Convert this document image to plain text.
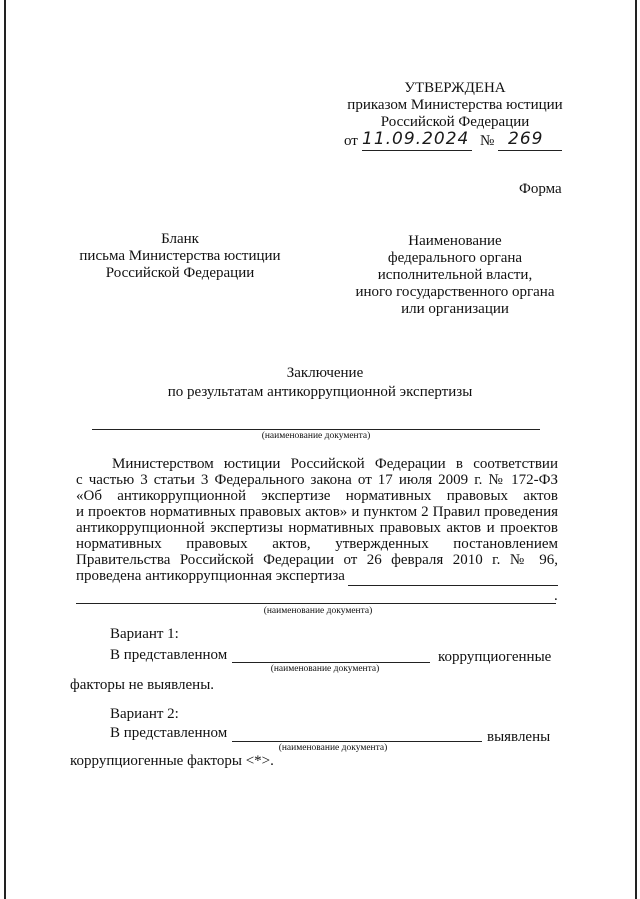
УТВЕРЖДЕНА
приказом Министерства юстиции
Российской Федерации
от 11.09.2024 № 269
Форма
Бланк
письма Министерства юстиции
Российской Федерации
Наименование
федерального органа
исполнительной власти,
иного государственного органа
или организации
Заключение
по результатам антикоррупционной экспертизы
(наименование документа)
Министерством юстиции Российской Федерации в соответствии
с частью 3 статьи 3 Федерального закона от 17 июля 2009 г. № 172-ФЗ
«Об антикоррупционной экспертизе нормативных правовых актов
и проектов нормативных правовых актов» и пунктом 2 Правил проведения
антикоррупционной экспертизы нормативных правовых актов и проектов
нормативных правовых актов, утвержденных постановлением
Правительства Российской Федерации от 26 февраля 2010 г. № 96,
проведена антикоррупционная экспертиза
.
(наименование документа)
Вариант 1:
В представленном	коррупциогенные
(наименование документа)
факторы не выявлены.
Вариант 2:
В представленном	выявлены
(наименование документа)
коррупциогенные факторы <*>.
